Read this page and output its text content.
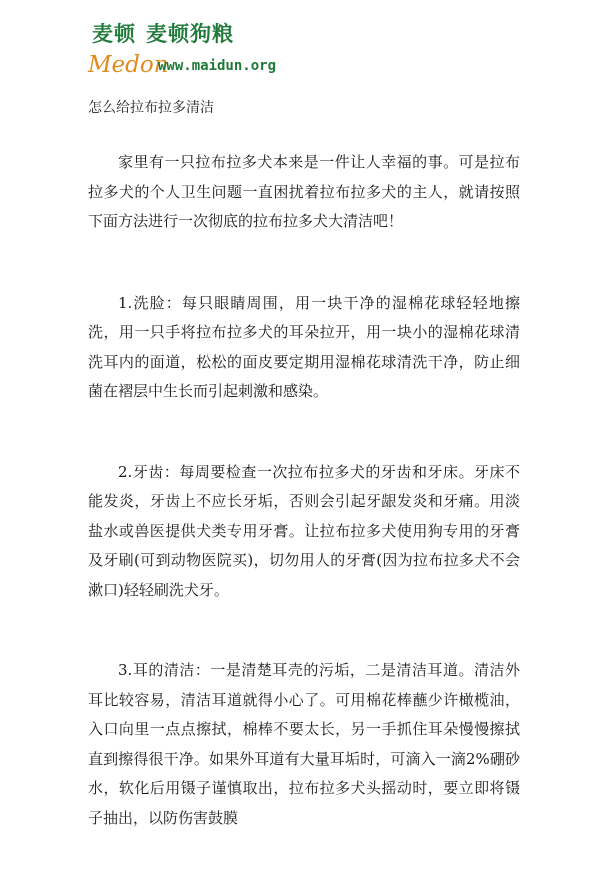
麦顿 麦顿狗粮
Medon
www.maidun.org
怎么给拉布拉多清洁

家里有一只拉布拉多犬本来是一件让人幸福的事。可是拉布拉多犬的个人卫生问题一直困扰着拉布拉多犬的主人，就请按照下面方法进行一次彻底的拉布拉多犬大清洁吧！

1.洗脸：每只眼睛周围，用一块干净的湿棉花球轻轻地擦洗，用一只手将拉布拉多犬的耳朵拉开，用一块小的湿棉花球清洗耳内的面道，松松的面皮要定期用湿棉花球清洗干净，防止细菌在褶层中生长而引起刺激和感染。

2.牙齿：每周要检查一次拉布拉多犬的牙齿和牙床。牙床不能发炎，牙齿上不应长牙垢，否则会引起牙龈发炎和牙痛。用淡盐水或兽医提供犬类专用牙膏。让拉布拉多犬使用狗专用的牙膏及牙刷(可到动物医院买)，切勿用人的牙膏(因为拉布拉多犬不会漱口)轻轻刷洗犬牙。

3.耳的清洁：一是清楚耳壳的污垢，二是清洁耳道。清洁外耳比较容易，清洁耳道就得小心了。可用棉花棒蘸少许橄榄油，入口向里一点点擦拭，棉棒不要太长，另一手抓住耳朵慢慢擦拭直到擦得很干净。如果外耳道有大量耳垢时，可滴入一滴2%硼砂水，软化后用镊子谨慎取出，拉布拉多犬头摇动时，要立即将镊子抽出，以防伤害鼓膜
